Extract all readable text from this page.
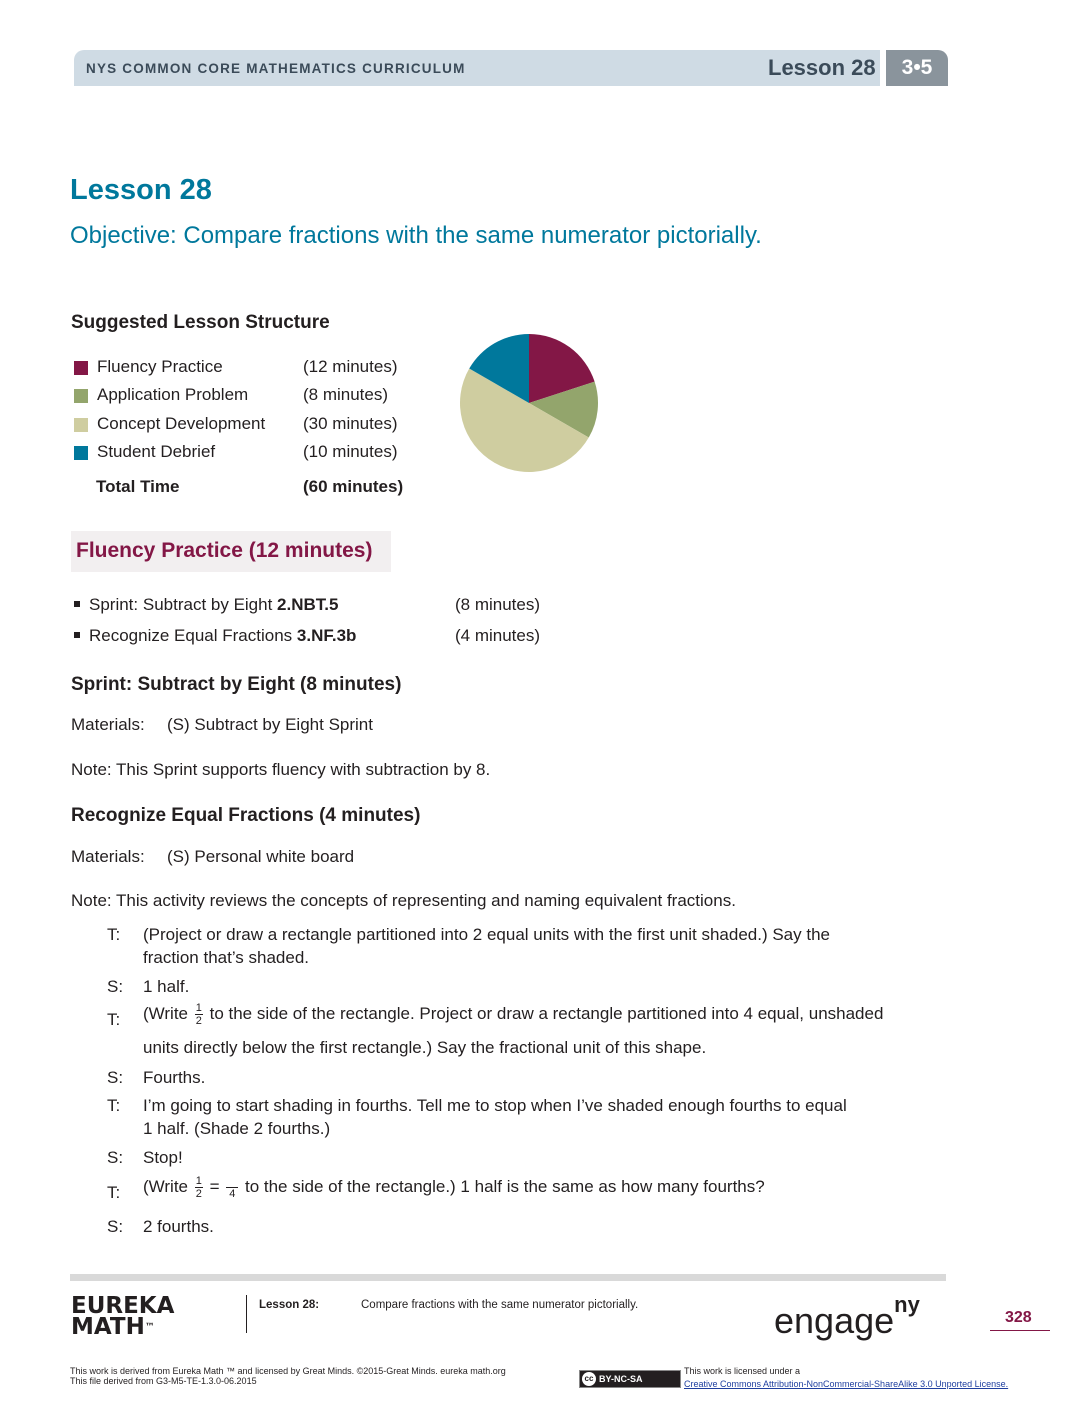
NYS COMMON CORE MATHEMATICS CURRICULUM	Lesson 28	3•5
Lesson 28
Objective: Compare fractions with the same numerator pictorially.
Suggested Lesson Structure
Fluency Practice	(12 minutes)
Application Problem	(8 minutes)
Concept Development (30 minutes)
Student Debrief	(10 minutes)
Total Time	(60 minutes)
Fluency Practice (12 minutes)
Sprint: Subtract by Eight 2.NBT.5	(8 minutes)
Recognize Equal Fractions 3.NF.3b	(4 minutes)
Sprint: Subtract by Eight (8 minutes)
Materials: (S) Subtract by Eight Sprint
Note: This Sprint supports fluency with subtraction by 8.
Recognize Equal Fractions (4 minutes)
Materials: (S) Personal white board
Note: This activity reviews the concepts of representing and naming equivalent fractions.
T: (Project or draw a rectangle partitioned into 2 equal units with the first unit shaded.) Say the
fraction that’s shaded.
S: 1 half.
T: (Write $\frac{1}{2}$ to the side of the rectangle. Project or draw a rectangle partitioned into 4 equal, unshaded
units directly below the first rectangle.) Say the fractional unit of this shape.
S: Fourths.
T: I’m going to start shading in fourths. Tell me to stop when I’ve shaded enough fourths to equal
1 half. (Shade 2 fourths.)
S: Stop!
T: (Write $\frac{1}{2} = 4$ to the side of the rectangle.) 1 half is the same as how many fourths?
S: 2 fourths.
EUREKA
MATH™
Lesson 28:	Compare fractions with the same numerator pictorially.	engage$^{ny}$
328
This work is derived from Eureka Math ™ and licensed by Great Minds. ©2015-Great Minds. eureka math.org
This file derived from G3-M5-TE-1.3.0-06.2015	cc BY-NC-SA
This work is licensed under a
Creative Commons Attribution-NonCommercial-ShareAlike 3.0 Unported License.
